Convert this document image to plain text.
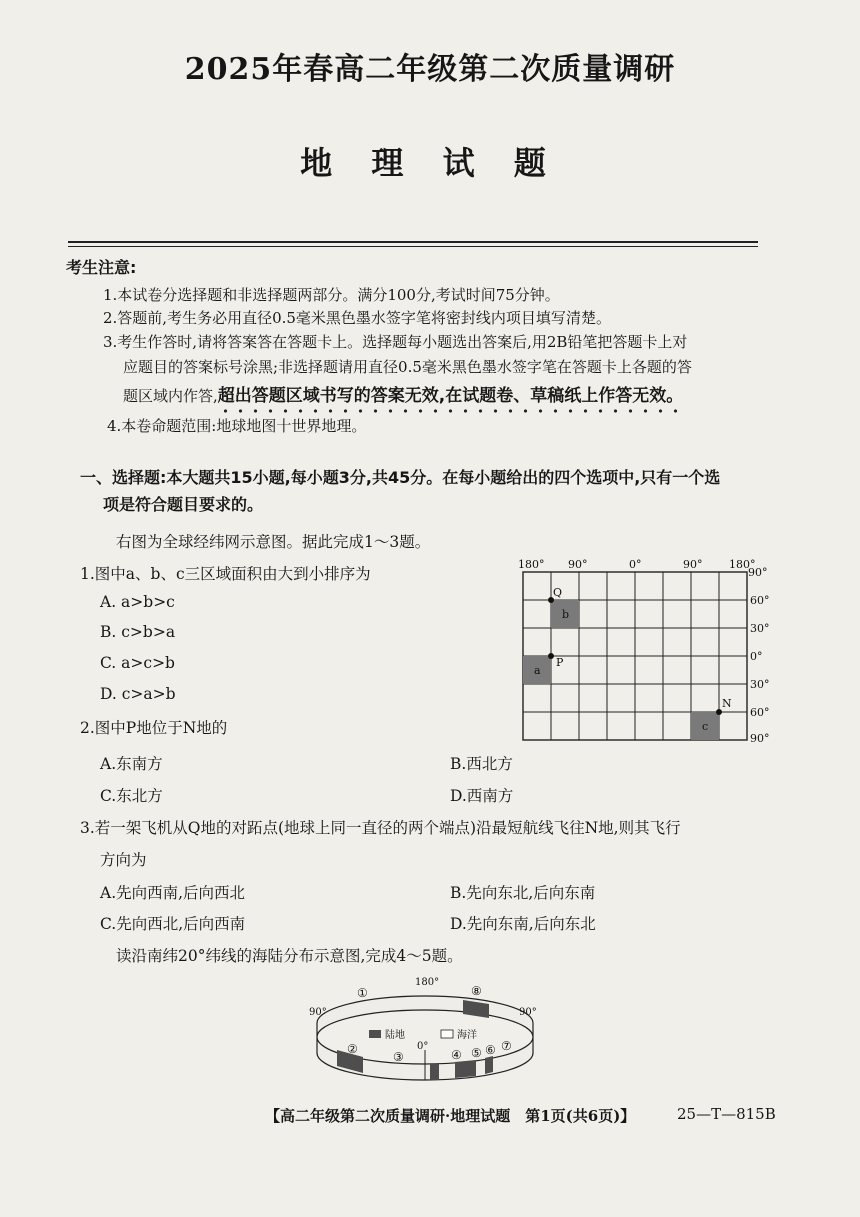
2025年春高二年级第二次质量调研
地 理 试 题
考生注意:
1.本试卷分选择题和非选择题两部分。满分100分,考试时间75分钟。
2.答题前,考生务必用直径0.5毫米黑色墨水签字笔将密封线内项目填写清楚。
3.考生作答时,请将答案答在答题卡上。选择题每小题选出答案后,用2B铅笔把答题卡上对
应题目的答案标号涂黑;非选择题请用直径0.5毫米黑色墨水签字笔在答题卡上各题的答
题区域内作答,超出答题区域书写的答案无效,在试题卷、草稿纸上作答无效。
4.本卷命题范围:地球地图十世界地理。
一、选择题:本大题共15小题,每小题3分,共45分。在每小题给出的四个选项中,只有一个选
项是符合题目要求的。
右图为全球经纬网示意图。据此完成1～3题。
1.图中a、b、c三区域面积由大到小排序为
A. a>b>c
B. c>b>a
C. a>c>b
D. c>a>b
2.图中P地位于N地的
A.东南方	B.西北方
C.东北方	D.西南方
3.若一架飞机从Q地的对跖点(地球上同一直径的两个端点)沿最短航线飞往N地,则其飞行
方向为
A.先向西南,后向西北	B.先向东北,后向东南
C.先向西北,后向西南	D.先向东南,后向东北
读沿南纬20°纬线的海陆分布示意图,完成4～5题。
180° 90°	0°	90° 180°
90°
60°
30°
0°
30°
60°
90°
a
b
c
P
Q
N
陆地	海洋
180°
90°	90°
0°
①
②
③	④ ⑤ ⑥ ⑦
⑧
【高二年级第二次质量调研·地理试题　第1页(共6页)】	25—T—815B
